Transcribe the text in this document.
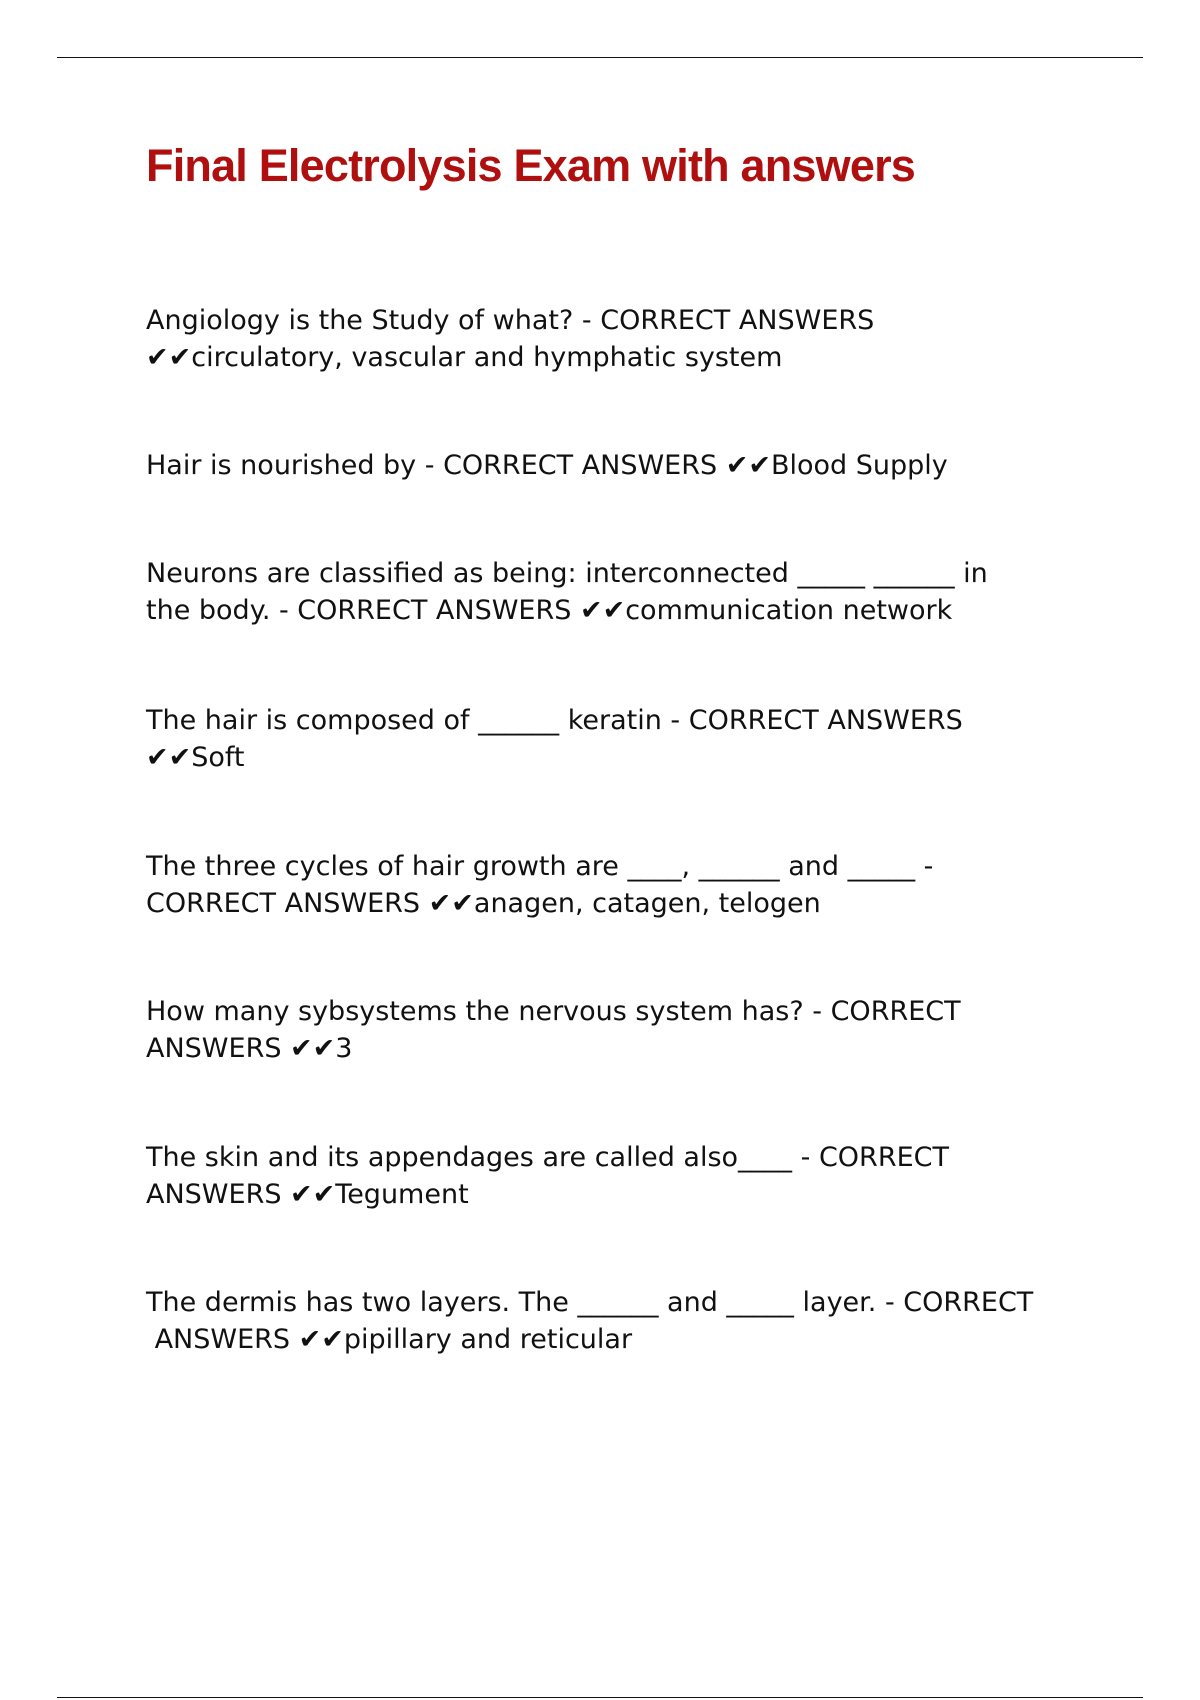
Final Electrolysis Exam with answers

Angiology is the Study of what? - CORRECT ANSWERS
✔✔circulatory, vascular and hymphatic system

Hair is nourished by - CORRECT ANSWERS ✔✔Blood Supply

Neurons are classified as being: interconnected _____ ______ in
the body. - CORRECT ANSWERS ✔✔communication network

The hair is composed of ______ keratin - CORRECT ANSWERS
✔✔Soft

The three cycles of hair growth are ____, ______ and _____ -
CORRECT ANSWERS ✔✔anagen, catagen, telogen

How many sybsystems the nervous system has? - CORRECT
ANSWERS ✔✔3

The skin and its appendages are called also____ - CORRECT
ANSWERS ✔✔Tegument

The dermis has two layers. The ______ and _____ layer. - CORRECT
ANSWERS ✔✔pipillary and reticular
